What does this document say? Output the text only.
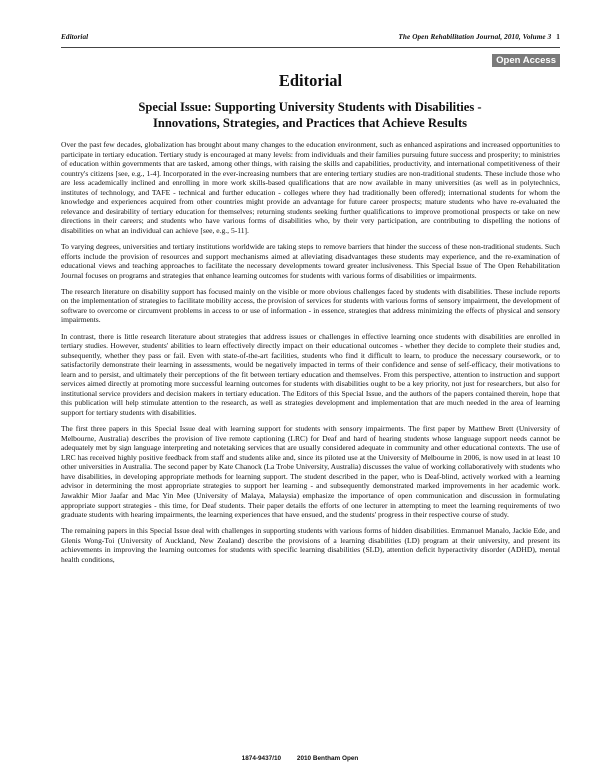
Editorial	The Open Rehabilitation Journal, 2010, Volume 3 1
Open Access
Editorial
Special Issue: Supporting University Students with Disabilities -
Innovations, Strategies, and Practices that Achieve Results

Over the past few decades, globalization has brought about many changes to the education environment, such as enhanced aspirations and increased opportunities to participate in tertiary education. Tertiary study is encouraged at many levels: from individuals and their families pursuing future success and prosperity; to ministries of education within governments that are tasked, among other things, with raising the skills and capabilities, productivity, and international competitiveness of their country's citizens [see, e.g., 1-4]. Incorporated in the ever-increasing numbers that are entering tertiary studies are non-traditional students. These include those who are less academically inclined and enrolling in more work skills-based qualifications that are now available in many universities (as well as in polytechnics, institutes of technology, and TAFE - technical and further education - colleges where they had traditionally been offered); international students for whom the knowledge and experiences acquired from other countries might provide an advantage for future career prospects; mature students who have re-evaluated the relevance and desirability of tertiary education for themselves; returning students seeking further qualifications to improve promotional prospects or take on new directions in their careers; and students who have various forms of disabilities who, by their very participation, are contributing to dispelling the notions of disabilities on what an individual can achieve [see, e.g., 5-11].

To varying degrees, universities and tertiary institutions worldwide are taking steps to remove barriers that hinder the success of these non-traditional students. Such efforts include the provision of resources and support mechanisms aimed at alleviating disadvantages these students may experience, and the re-examination of educational views and teaching approaches to facilitate the necessary developments toward greater inclusiveness. This Special Issue of The Open Rehabilitation Journal focuses on programs and strategies that enhance learning outcomes for students with various forms of disabilities or impairments.

The research literature on disability support has focused mainly on the visible or more obvious challenges faced by students with disabilities. These include reports on the implementation of strategies to facilitate mobility access, the provision of services for students with various forms of sensory impairment, the development of software to overcome or circumvent problems in access to or use of information - in essence, strategies that address minimizing the effects of physical and sensory impairments.

In contrast, there is little research literature about strategies that address issues or challenges in effective learning once students with disabilities are enrolled in tertiary studies. However, students' abilities to learn effectively directly impact on their educational outcomes - whether they decide to complete their studies and, subsequently, whether they pass or fail. Even with state-of-the-art facilities, students who find it difficult to learn, to produce the necessary coursework, or to satisfactorily demonstrate their learning in assessments, would be negatively impacted in terms of their confidence and sense of self-efficacy, their motivations to learn and to persist, and ultimately their perceptions of the fit between tertiary education and themselves. From this perspective, attention to instruction and support services aimed directly at promoting more successful learning outcomes for students with disabilities ought to be a key priority, not just for researchers, but also for institutional service providers and decision makers in tertiary education. The Editors of this Special Issue, and the authors of the papers contained therein, hope that this publication will help stimulate attention to the research, as well as strategies development and implementation that are much needed in the area of learning support for tertiary students with disabilities.

The first three papers in this Special Issue deal with learning support for students with sensory impairments. The first paper by Matthew Brett (University of Melbourne, Australia) describes the provision of live remote captioning (LRC) for Deaf and hard of hearing students whose language support needs cannot be adequately met by sign language interpreting and notetaking services that are usually considered adequate in community and other educational contexts. The use of LRC has received highly positive feedback from staff and students alike and, since its piloted use at the University of Melbourne in 2006, is now used in at least 10 other universities in Australia. The second paper by Kate Chanock (La Trobe University, Australia) discusses the value of working collaboratively with students who have disabilities, in developing appropriate methods for learning support. The student described in the paper, who is Deaf-blind, actively worked with a learning advisor in determining the most appropriate strategies to support her learning - and subsequently demonstrated marked improvements in her academic work. Jawakhir Mior Jaafar and Mac Yin Mee (University of Malaya, Malaysia) emphasize the importance of open communication and discussion in formulating appropriate support strategies - this time, for Deaf students. Their paper details the efforts of one lecturer in attempting to meet the learning requirements of two graduate students with hearing impairments, the learning experiences that have ensued, and the students' progress in their respective course of study.

The remaining papers in this Special Issue deal with challenges in supporting students with various forms of hidden disabilities. Emmanuel Manalo, Jackie Ede, and Glenis Wong-Toi (University of Auckland, New Zealand) describe the provisions of a learning disabilities (LD) program at their university, and present its achievements in improving the learning outcomes for students with specific learning disabilities (SLD), attention deficit hyperactivity disorder (ADHD), mental health conditions,

1874-9437/10 2010 Bentham Open
